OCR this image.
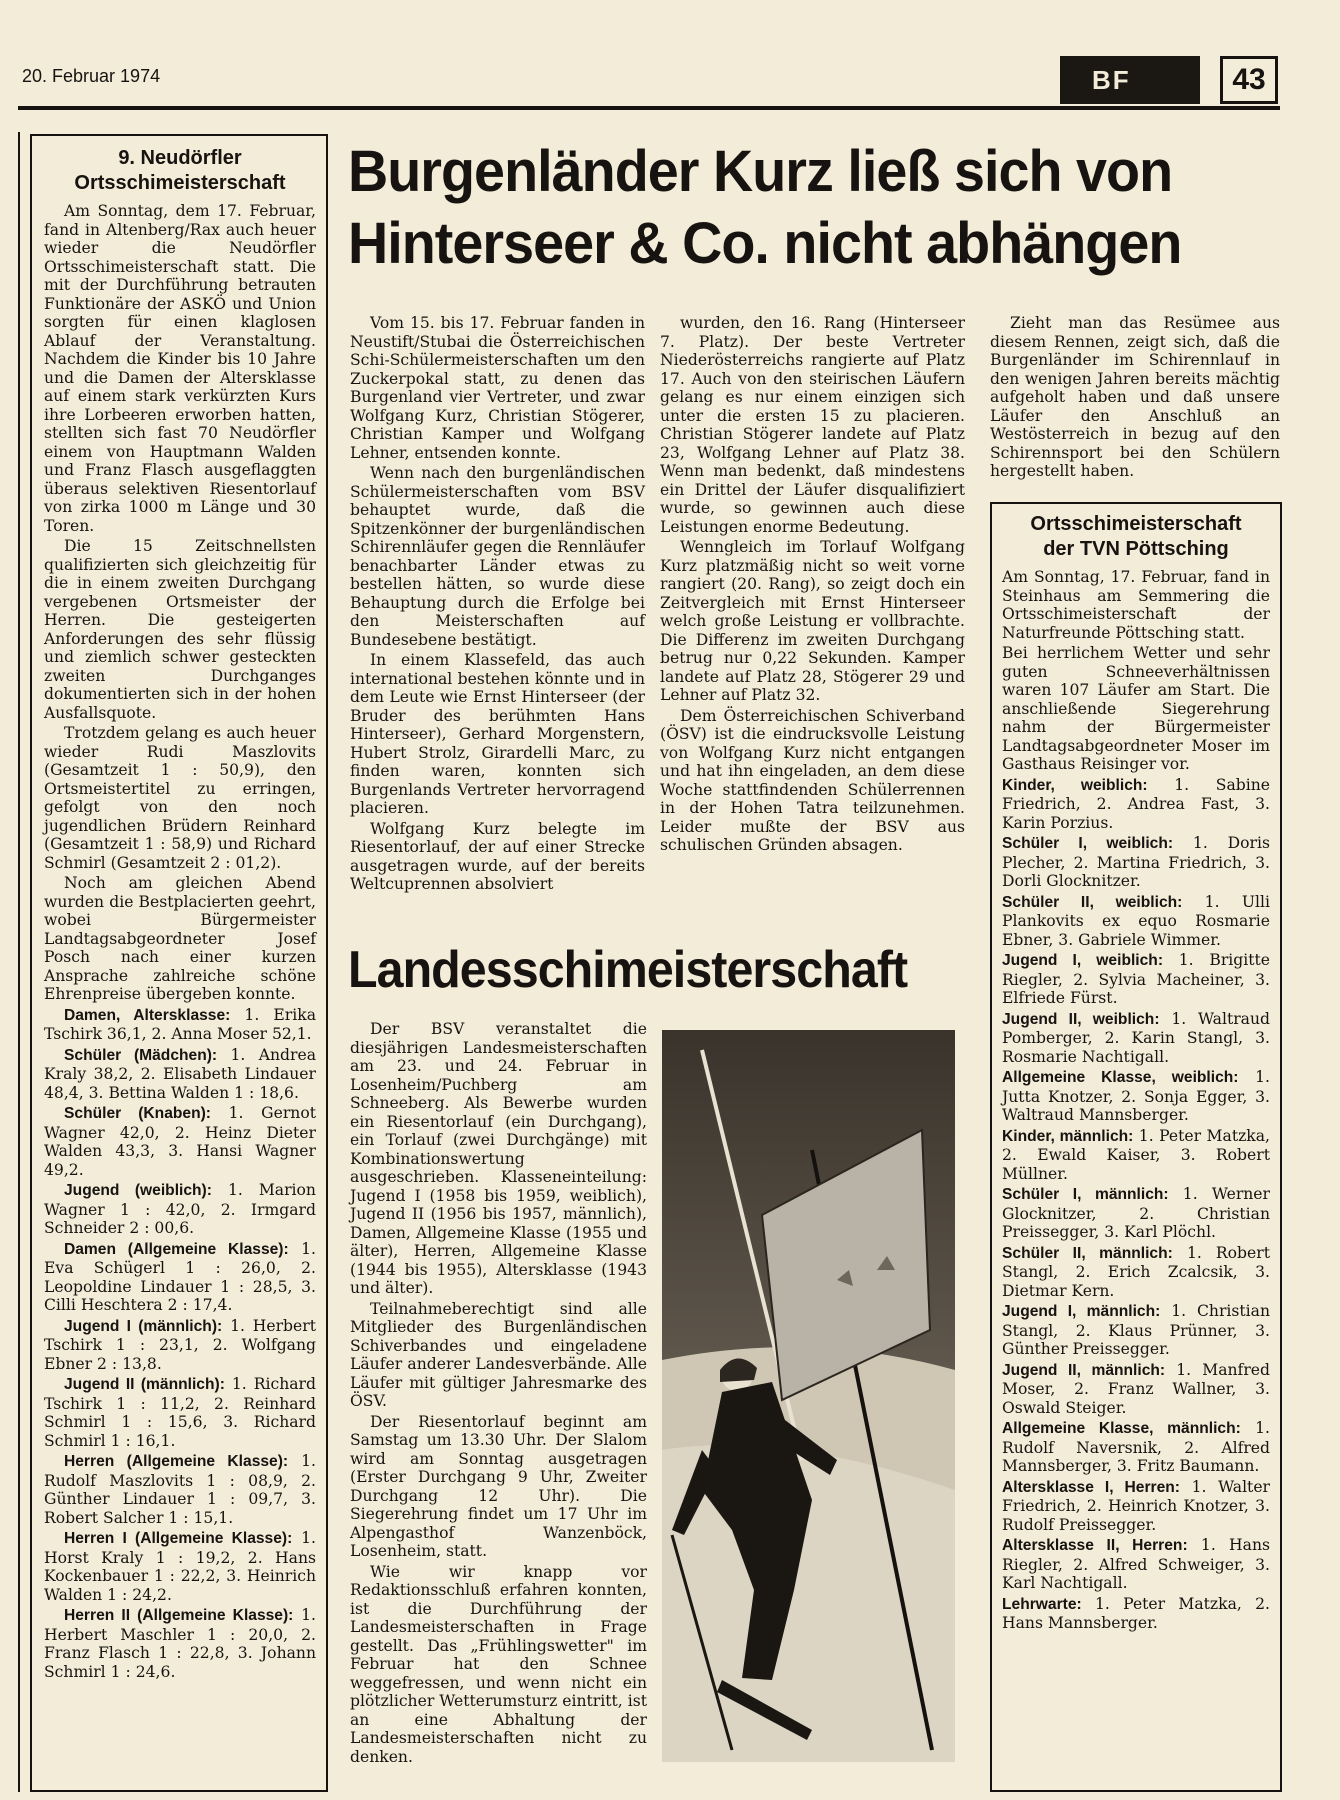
20. Februar 1974	BF	43
9. Neudörfler
Ortsschimeisterschaft

Am Sonntag, dem 17. Februar, fand in Altenberg/Rax auch heuer wieder die Neudörfler Ortsschimeisterschaft statt. Die mit der Durchführung betrauten Funktionäre der ASKÖ und Union sorgten für einen klaglosen Ablauf der Veranstaltung. Nachdem die Kinder bis 10 Jahre und die Damen der Altersklasse auf einem stark verkürzten Kurs ihre Lorbeeren erworben hatten, stellten sich fast 70 Neudörfler einem von Hauptmann Walden und Franz Flasch ausgeflaggten überaus selektiven Riesentorlauf von zirka 1000 m Länge und 30 Toren.

Die 15 Zeitschnellsten qualifizierten sich gleichzeitig für die in einem zweiten Durchgang vergebenen Ortsmeister der Herren. Die gesteigerten Anforderungen des sehr flüssig und ziemlich schwer gesteckten zweiten Durchganges dokumentierten sich in der hohen Ausfallsquote.

Trotzdem gelang es auch heuer wieder Rudi Maszlovits (Gesamtzeit 1 : 50,9), den Ortsmeistertitel zu erringen, gefolgt von den noch jugendlichen Brüdern Reinhard (Gesamtzeit 1 : 58,9) und Richard Schmirl (Gesamtzeit 2 : 01,2).

Noch am gleichen Abend wurden die Bestplacierten geehrt, wobei Bürgermeister Landtagsabgeordneter Josef Posch nach einer kurzen Ansprache zahlreiche schöne Ehrenpreise übergeben konnte.

Damen, Altersklasse: 1. Erika Tschirk 36,1, 2. Anna Moser 52,1.

Schüler (Mädchen): 1. Andrea Kraly 38,2, 2. Elisabeth Lindauer 48,4, 3. Bettina Walden 1 : 18,6.

Schüler (Knaben): 1. Gernot Wagner 42,0, 2. Heinz Dieter Walden 43,3, 3. Hansi Wagner 49,2.

Jugend (weiblich): 1. Marion Wagner 1 : 42,0, 2. Irmgard Schneider 2 : 00,6.

Damen (Allgemeine Klasse): 1. Eva Schügerl 1 : 26,0, 2. Leopoldine Lindauer 1 : 28,5, 3. Cilli Heschtera 2 : 17,4.

Jugend I (männlich): 1. Herbert Tschirk 1 : 23,1, 2. Wolfgang Ebner 2 : 13,8.

Jugend II (männlich): 1. Richard Tschirk 1 : 11,2, 2. Reinhard Schmirl 1 : 15,6, 3. Richard Schmirl 1 : 16,1.

Herren (Allgemeine Klasse): 1. Rudolf Maszlovits 1 : 08,9, 2. Günther Lindauer 1 : 09,7, 3. Robert Salcher 1 : 15,1.

Herren I (Allgemeine Klasse): 1. Horst Kraly 1 : 19,2, 2. Hans Kockenbauer 1 : 22,2, 3. Heinrich Walden 1 : 24,2.

Herren II (Allgemeine Klasse): 1. Herbert Maschler 1 : 20,0, 2. Franz Flasch 1 : 22,8, 3. Johann Schmirl 1 : 24,6.

Burgenländer Kurz ließ sich von
Hinterseer & Co. nicht abhängen

Vom 15. bis 17. Februar fanden in Neustift/Stubai die Österreichischen Schi-Schülermeisterschaften um den Zuckerpokal statt, zu denen das Burgenland vier Vertreter, und zwar Wolfgang Kurz, Christian Stögerer, Christian Kamper und Wolfgang Lehner, entsenden konnte.

Wenn nach den burgenländischen Schülermeisterschaften vom BSV behauptet wurde, daß die Spitzenkönner der burgenländischen Schirennläufer gegen die Rennläufer benachbarter Länder etwas zu bestellen hätten, so wurde diese Behauptung durch die Erfolge bei den Meisterschaften auf Bundesebene bestätigt.

In einem Klassefeld, das auch international bestehen könnte und in dem Leute wie Ernst Hinterseer (der Bruder des berühmten Hans Hinterseer), Gerhard Morgenstern, Hubert Strolz, Girardelli Marc, zu finden waren, konnten sich Burgenlands Vertreter hervorragend placieren.

Wolfgang Kurz belegte im Riesentorlauf, der auf einer Strecke ausgetragen wurde, auf der bereits Weltcuprennen absolviert

wurden, den 16. Rang (Hinterseer 7. Platz). Der beste Vertreter Niederösterreichs rangierte auf Platz 17. Auch von den steirischen Läufern gelang es nur einem einzigen sich unter die ersten 15 zu placieren. Christian Stögerer landete auf Platz 23, Wolfgang Lehner auf Platz 38. Wenn man bedenkt, daß mindestens ein Drittel der Läufer disqualifiziert wurde, so gewinnen auch diese Leistungen enorme Bedeutung.

Wenngleich im Torlauf Wolfgang Kurz platzmäßig nicht so weit vorne rangiert (20. Rang), so zeigt doch ein Zeitvergleich mit Ernst Hinterseer welch große Leistung er vollbrachte. Die Differenz im zweiten Durchgang betrug nur 0,22 Sekunden. Kamper landete auf Platz 28, Stögerer 29 und Lehner auf Platz 32.

Dem Österreichischen Schiverband (ÖSV) ist die eindrucksvolle Leistung von Wolfgang Kurz nicht entgangen und hat ihn eingeladen, an dem diese Woche stattfindenden Schülerrennen in der Hohen Tatra teilzunehmen. Leider mußte der BSV aus schulischen Gründen absagen.

Zieht man das Resümee aus diesem Rennen, zeigt sich, daß die Burgenländer im Schirennlauf in den wenigen Jahren bereits mächtig aufgeholt haben und daß unsere Läufer den Anschluß an Westösterreich in bezug auf den Schirennsport bei den Schülern hergestellt haben.

Ortsschimeisterschaft
der TVN Pöttsching

Am Sonntag, 17. Februar, fand in Steinhaus am Semmering die Ortsschimeisterschaft der Naturfreunde Pöttsching statt.

Bei herrlichem Wetter und sehr guten Schneeverhältnissen waren 107 Läufer am Start. Die anschließende Siegerehrung nahm der Bürgermeister Landtagsabgeordneter Moser im Gasthaus Reisinger vor.

Kinder, weiblich: 1. Sabine Friedrich, 2. Andrea Fast, 3. Karin Porzius.

Schüler I, weiblich: 1. Doris Plecher, 2. Martina Friedrich, 3. Dorli Glocknitzer.

Schüler II, weiblich: 1. Ulli Plankovits ex equo Rosmarie Ebner, 3. Gabriele Wimmer.

Jugend I, weiblich: 1. Brigitte Riegler, 2. Sylvia Macheiner, 3. Elfriede Fürst.

Jugend II, weiblich: 1. Waltraud Pomberger, 2. Karin Stangl, 3. Rosmarie Nachtigall.

Allgemeine Klasse, weiblich: 1. Jutta Knotzer, 2. Sonja Egger, 3. Waltraud Mannsberger.

Kinder, männlich: 1. Peter Matzka, 2. Ewald Kaiser, 3. Robert Müllner.

Schüler I, männlich: 1. Werner Glocknitzer, 2. Christian Preissegger, 3. Karl Plöchl.

Schüler II, männlich: 1. Robert Stangl, 2. Erich Zcalcsik, 3. Dietmar Kern.

Jugend I, männlich: 1. Christian Stangl, 2. Klaus Prünner, 3. Günther Preissegger.

Jugend II, männlich: 1. Manfred Moser, 2. Franz Wallner, 3. Oswald Steiger.

Allgemeine Klasse, männlich: 1. Rudolf Naversnik, 2. Alfred Mannsberger, 3. Fritz Baumann.

Altersklasse I, Herren: 1. Walter Friedrich, 2. Heinrich Knotzer, 3. Rudolf Preissegger.

Altersklasse II, Herren: 1. Hans Riegler, 2. Alfred Schweiger, 3. Karl Nachtigall.

Lehrwarte: 1. Peter Matzka, 2. Hans Mannsberger.

Landesschimeisterschaft

Der BSV veranstaltet die diesjährigen Landesmeisterschaften am 23. und 24. Februar in Losenheim/Puchberg am Schneeberg. Als Bewerbe wurden ein Riesentorlauf (ein Durchgang), ein Torlauf (zwei Durchgänge) mit Kombinationswertung ausgeschrieben. Klasseneinteilung: Jugend I (1958 bis 1959, weiblich), Jugend II (1956 bis 1957, männlich), Damen, Allgemeine Klasse (1955 und älter), Herren, Allgemeine Klasse (1944 bis 1955), Altersklasse (1943 und älter).

Teilnahmeberechtigt sind alle Mitglieder des Burgenländischen Schiverbandes und eingeladene Läufer anderer Landesverbände. Alle Läufer mit gültiger Jahresmarke des ÖSV.

Der Riesentorlauf beginnt am Samstag um 13.30 Uhr. Der Slalom wird am Sonntag ausgetragen (Erster Durchgang 9 Uhr, Zweiter Durchgang 12 Uhr). Die Siegerehrung findet um 17 Uhr im Alpengasthof Wanzenböck, Losenheim, statt.

Wie wir knapp vor Redaktionsschluß erfahren konnten, ist die Durchführung der Landesmeisterschaften in Frage gestellt. Das „Frühlingswetter" im Februar hat den Schnee weggefressen, und wenn nicht ein plötzlicher Wetterumsturz eintritt, ist an eine Abhaltung der Landesmeisterschaften nicht zu denken.
